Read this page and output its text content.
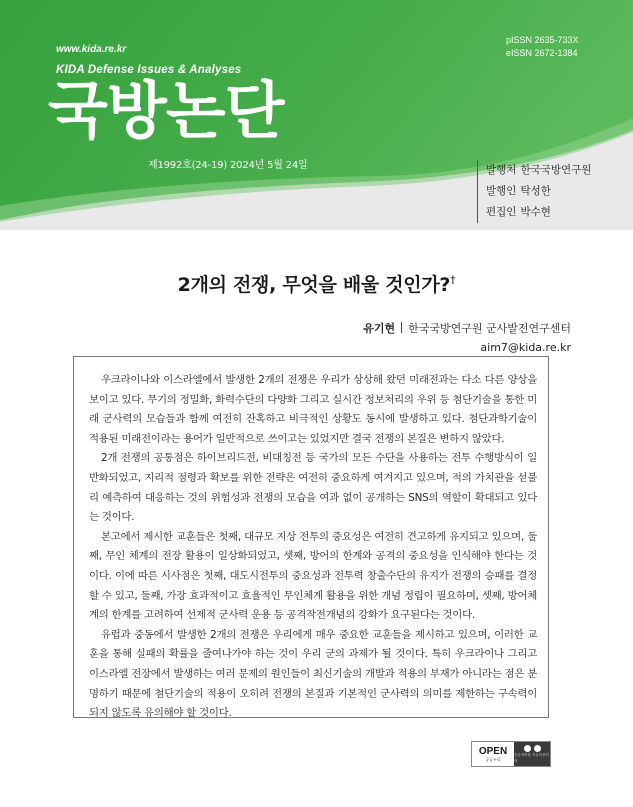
www.kida.re.kr
KIDA Defense Issues & Analyses
국방논단
제1992호(24-19) 2024년 5월 24일
pISSN 2635-733X
eISSN 2672-1384
발행처 한국국방연구원
발행인 탁성한
편집인 박수현
2개의 전쟁, 무엇을 배울 것인가?†
유기현 한국국방연구원 군사발전연구센터
aim7@kida.re.kr

우크라이나와 이스라엘에서 발생한 2개의 전쟁은 우리가 상상해 왔던 미래전과는 다소 다른 양상을 보이고 있다. 무기의 정밀화, 화력수단의 다양화 그리고 실시간 정보처리의 우위 등 첨단기술을 통한 미래 군사력의 모습들과 함께 여전히 잔혹하고 비극적인 상황도 동시에 발생하고 있다. 첨단과학기술이 적용된 미래전이라는 용어가 일반적으로 쓰이고는 있었지만 결국 전쟁의 본질은 변하지 않았다.

2개 전쟁의 공통점은 하이브리드전, 비대칭전 등 국가의 모든 수단을 사용하는 전투 수행방식이 일반화되었고, 지리적 점령과 확보를 위한 전략은 여전히 중요하게 여겨지고 있으며, 적의 가치관을 섣불리 예측하여 대응하는 것의 위험성과 전쟁의 모습을 여과 없이 공개하는 SNS의 역할이 확대되고 있다는 것이다.

본고에서 제시한 교훈들은 첫째, 대규모 지상 전투의 중요성은 여전히 견고하게 유지되고 있으며, 둘째, 무인 체계의 전장 활용이 일상화되었고, 셋째, 방어의 한계와 공격의 중요성을 인식해야 한다는 것이다. 이에 따른 시사점은 첫째, 대도시전투의 중요성과 전투력 창출수단의 유지가 전쟁의 승패를 결정할 수 있고, 둘째, 가장 효과적이고 효율적인 무인체계 활용을 위한 개념 정립이 필요하며, 셋째, 방어체계의 한계를 고려하여 선제적 군사력 운용 등 공격작전개념의 강화가 요구된다는 것이다.

유럽과 중동에서 발생한 2개의 전쟁은 우리에게 매우 중요한 교훈들을 제시하고 있으며, 이러한 교훈을 통해 실패의 확률을 줄여나가야 하는 것이 우리 군의 과제가 될 것이다. 특히 우크라이나 그리고 이스라엘 전장에서 발생하는 여러 문제의 원인들이 최신기술의 개발과 적용의 부재가 아니라는 점은 분명하기 때문에 첨단기술의 적용이 오히려 전쟁의 본질과 기본적인 군사력의 의미를 제한하는 구속력이 되지 않도록 유의해야 할 것이다.

OPEN
공공누리
공공저작물 자유이용허락
